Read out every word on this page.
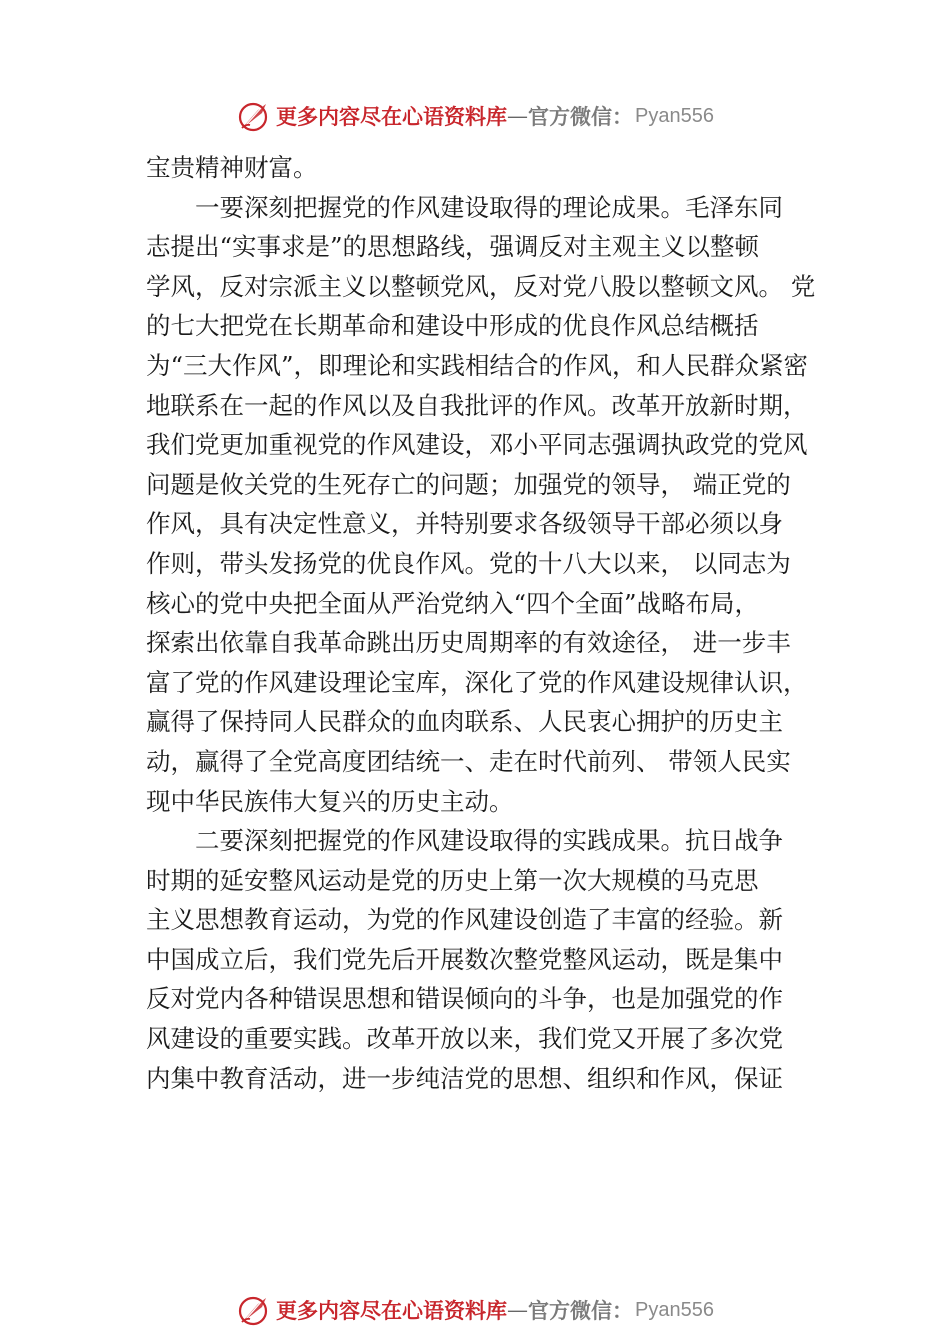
更多内容尽在心语资料库 — 官方微信： Pyan556
宝贵精神财富。
一要深刻把握党的作风建设取得的理论成果。毛泽东同
志提出“实事求是”的思想路线，强调反对主观主义以整顿
学风，反对宗派主义以整顿党风，反对党八股以整顿文风。 党
的七大把党在长期革命和建设中形成的优良作风总结概括
为“三大作风”，即理论和实践相结合的作风，和人民群众紧密
地联系在一起的作风以及自我批评的作风。改革开放新时期，
我们党更加重视党的作风建设，邓小平同志强调执政党的党风
问题是攸关党的生死存亡的问题；加强党的领导， 端正党的
作风，具有决定性意义，并特别要求各级领导干部必须以身
作则，带头发扬党的优良作风。党的十八大以来， 以同志为
核心的党中央把全面从严治党纳入“四个全面”战略布局，
探索出依靠自我革命跳出历史周期率的有效途径， 进一步丰
富了党的作风建设理论宝库，深化了党的作风建设规律认识，
赢得了保持同人民群众的血肉联系、人民衷心拥护的历史主
动，赢得了全党高度团结统一、走在时代前列、 带领人民实
现中华民族伟大复兴的历史主动。
二要深刻把握党的作风建设取得的实践成果。抗日战争
时期的延安整风运动是党的历史上第一次大规模的马克思
主义思想教育运动，为党的作风建设创造了丰富的经验。新
中国成立后，我们党先后开展数次整党整风运动，既是集中
反对党内各种错误思想和错误倾向的斗争，也是加强党的作
风建设的重要实践。改革开放以来，我们党又开展了多次党
内集中教育活动，进一步纯洁党的思想、组织和作风，保证
更多内容尽在心语资料库 — 官方微信： Pyan556
